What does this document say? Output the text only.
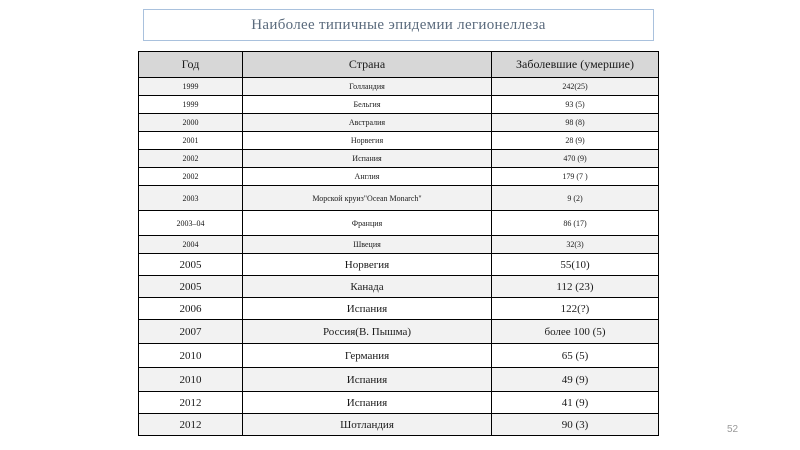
Наиболее типичные эпидемии легионеллеза
Год	Страна	Заболевшие (умершие)
1999	Голландия	242(25)
1999	Бельгия	93 (5)
2000	Австралия	98 (8)
2001	Норвегия	28 (9)
2002	Испания	470 (9)
2002	Англия	179 (7 )
2003	Морской круиз"Ocean Monarch"	9 (2)
2003–04	Франция	86 (17)
2004	Швеция	32(3)
2005	Норвегия	55(10)
2005	Канада	112 (23)
2006	Испания	122(?)
2007	Россия(В. Пышма)	более 100 (5)
2010	Германия	65 (5)
2010	Испания	49 (9)
2012	Испания	41 (9)
2012	Шотландия	90 (3)	52
